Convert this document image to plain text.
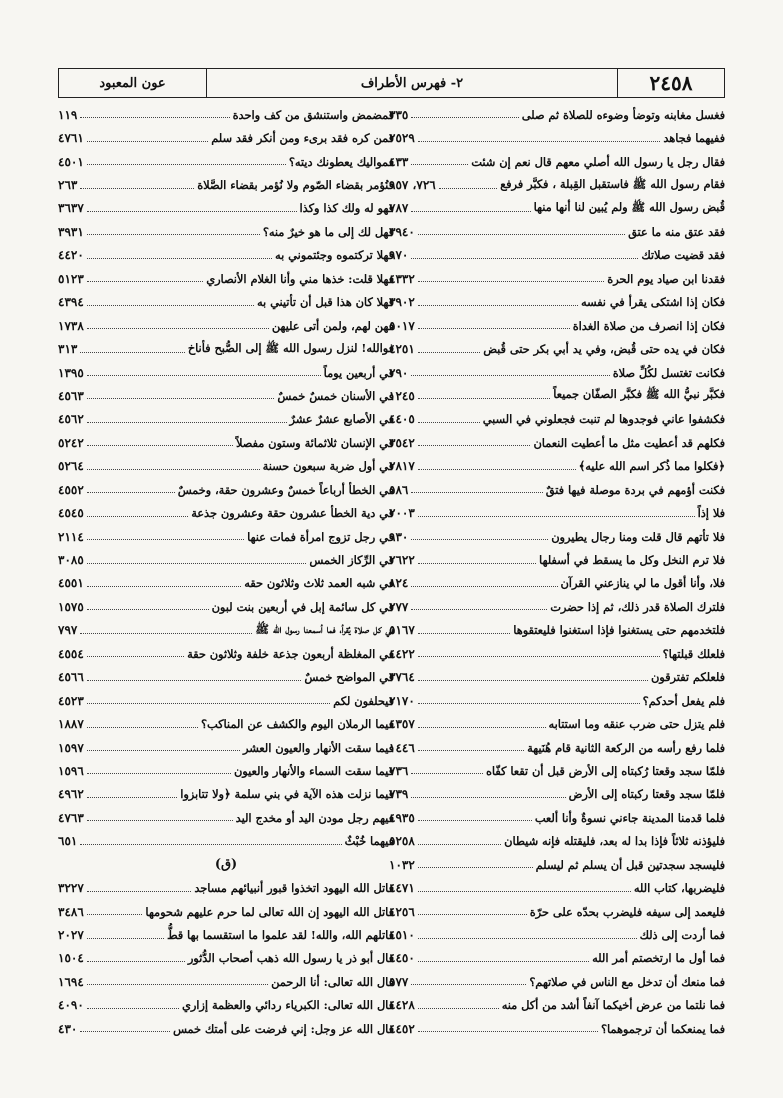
عون المعبود	٢- فهرس الأطراف	٢٤٥٨
فغسل مغابنه وتوضأ وضوءه للصلاة ثم صلى
٣٣٥
ففيهما فجاهد
٢٥٢٩
فقال رجل يا رسول الله أصلي معهم قال نعم إن شئت
٤٣٣
فقام رسول الله ﷺ فاستقبل القِبلة ، فكبَّر فرفع
٧٢٦، ٩٥٧
قُبض رسول الله ﷺ ولم يُبين لنا أنها منها
٧٨٧
فقد عتق منه ما عتق
٣٩٤٠
فقد قضيت صلاتك
٩٧٠
فقدنا ابن صياد يوم الحرة
٤٣٣٢
فكان إذا اشتكى يقرأ في نفسه
٣٩٠٢
فكان إذا انصرف من صلاة الغداة
٥٠١٧
فكان في يده حتى قُبض، وفي يد أبي بكر حتى قُبض
٤٢٥١
فكانت تغتسل لكُلِّ صلاة
٢٩٠
فكبَّر نبيُّ الله ﷺ فكبَّر الصفّان جميعاً
١٢٤٥
فكشفوا عاني فوجدوها لم تنبت فجعلوني في السبي
٤٤٠٥
فكلهم قد أعطيت مثل ما أعطيت النعمان
٣٥٤٢
﴿فكلوا مما ذُكر اسم الله عليه﴾
٢٨١٧
فكنت أؤمهم في بردة موصلة فيها فتقٌ
٥٨٦
فلا إذاً
٢٠٠٣
فلا تأتهم قال قلت ومنا رجال يطيرون
٩٣٠
فلا ترم النخل وكل ما يسقط في أسفلها
٢٦٢٢
فلا، وأنا أقول ما لي ينازعني القرآن
٨٢٤
فلترك الصلاة قدر ذلك، ثم إذا حضرت
٢٧٧
فلتخدمهم حتى يستغنوا فإذا استغنوا فليعتقوها
٥١٦٧
فلعلك قبلتها؟
٤٤٢٢
فلعلكم تفترقون
٣٧٦٤
فلم يفعل أحدكم؟
٢١٧٠
فلم يتزل حتى ضرب عنقه وما استتابه
٤٣٥٧
فلما رفع رأسه من الركعة الثانية قام هُنَيهة
١٤٤٦
فلمّا سجد وقعتا رُكبتاه إلى الأرض قبل أن تقعا كفّاه
٧٣٦
فلمّا سجد وقعتا ركبتاه إلى الأرض
٧٣٩
فلما قدمنا المدينة جاءني نسوةٌ وأنا ألعب
٤٩٣٥
فليؤذنه ثلاثاً فإذا بدا له بعد، فليقتله فإنه شيطان
٥٢٥٨
فليسجد سجدتين قبل أن يسلم ثم ليسلم
١٠٣٢
فليضربها، كتاب الله
٤٤٧١
فليعمد إلى سيفه فليضرب بحدّه على حرّة
٤٢٥٦
فما أردت إلى ذلك
٤٥١٠
فما أول ما ارتخصتم أمر الله
٤٤٥٠
فما منعك أن تدخل مع الناس في صلاتهم؟
٥٧٧
فما نلتما من عرض أخيكما آنفاً أشد من أكل منه
٤٤٢٨
فما يمنعكما أن ترجموهما؟
٤٤٥٢
فمضمض واستنشق من كف واحدة
١١٩
فمن كره فقد برىء ومن أنكر فقد سلم
٤٧٦١
فمواليك يعطونك ديته؟
٤٥٠١
فنُؤمر بقضاء الصّوم ولا نُؤمر بقضاء الصَّلاة
٢٦٣
فهو له ولك كذا وكذا
٣٦٣٧
فهل لك إلى ما هو خيرٌ منه؟
٣٩٣١
فهلا تركتموه وجئتموني به
٤٤٢٠
فهلا قلت: خذها مني وأنا الغلام الأنصاري
٥١٢٣
فهلا كان هذا قبل أن تأتيني به
٤٣٩٤
فهن لهم، ولمن أتى عليهن
١٧٣٨
فوالله! لنزل رسول الله ﷺ إلى الصُّبح فأناخ
٣١٣
في أربعين يوماً
١٣٩٥
في الأسنان خمسٌ خمسٌ
٤٥٦٣
في الأصابع عشرٌ عشرٌ
٤٥٦٢
في الإنسان ثلاثمائة وستون مفصلاً
٥٢٤٢
في أول ضربة سبعون حسنة
٥٢٦٤
في الخطأ أرباعاً خمسٌ وعشرون حقة، وخمسٌ
٤٥٥٢
في دية الخطأ عشرون حقة وعشرون جذعة
٤٥٤٥
في رجل تزوج امرأة فمات عنها
٢١١٤
في الرِّكاز الخمس
٣٠٨٥
في شبه العمد ثلاث وثلاثون حقه
٤٥٥١
في كل سائمة إبل في أربعين بنت لبون
١٥٧٥
في كل صلاة يُقرأ، فما أسمعنا رسول الله ﷺ
٧٩٧
في المغلظة أربعون جذعة خلفة وثلاثون حقة
٤٥٥٤
في المواضح خمسٌ
٤٥٦٦
فيحلفون لكم
٤٥٢٣
فيما الرملان اليوم والكشف عن المناكب؟
١٨٨٧
فيما سقت الأنهار والعيون العشر
١٥٩٧
فيما سقت السماء والأنهار والعيون
١٥٩٦
فيما نزلت هذه الآية في بني سلمة ﴿ولا تتابزوا
٤٩٦٢
فيهم رجل مودن اليد أو مخدج اليد
٤٧٦٣
فيهما خُبْثٌ
٦٥١
(ق)
قاتل الله اليهود اتخذوا قبور أنبيائهم مساجد
٣٢٢٧
قاتل الله اليهود إن الله تعالى لما حرم عليهم شحومها
٣٤٨٦
قاتلهم الله، والله! لقد علموا ما استقسما بها قطُّ
٢٠٢٧
قال أبو ذر يا رسول الله ذهب أصحاب الدُّثور
١٥٠٤
قال الله تعالى: أنا الرحمن
١٦٩٤
قال الله تعالى: الكبرياء ردائي والعظمة إزاري
٤٠٩٠
قال الله عز وجل: إني فرضت على أمتك خمس
٤٣٠
